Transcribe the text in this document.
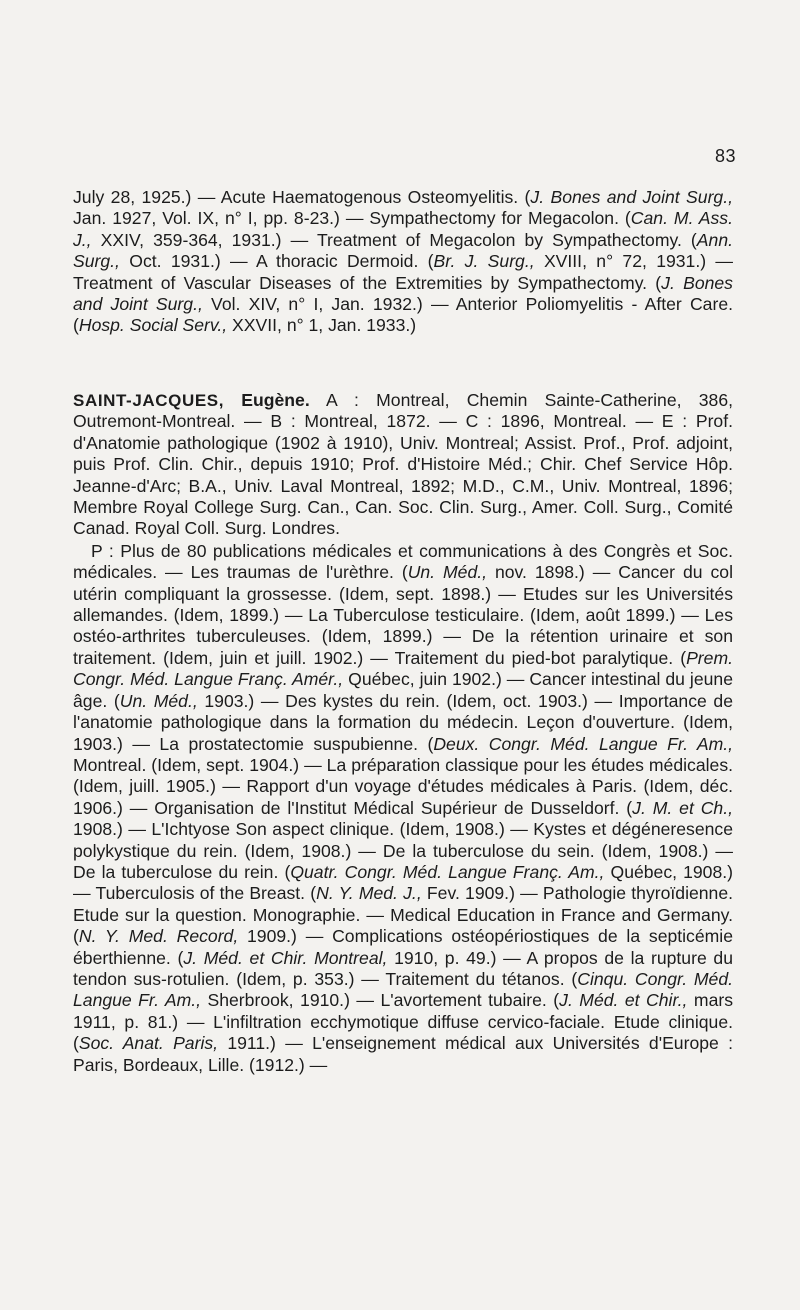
83

July 28, 1925.) — Acute Haematogenous Osteomyelitis. (J. Bones and Joint Surg., Jan. 1927, Vol. IX, n° I, pp. 8-23.) — Sympathectomy for Megacolon. (Can. M. Ass. J., XXIV, 359-364, 1931.) — Treatment of Megacolon by Sympathectomy. (Ann. Surg., Oct. 1931.) — A thoracic Dermoid. (Br. J. Surg., XVIII, n° 72, 1931.) — Treatment of Vascular Diseases of the Extremities by Sympathectomy. (J. Bones and Joint Surg., Vol. XIV, n° I, Jan. 1932.) — Anterior Poliomyelitis - After Care. (Hosp. Social Serv., XXVII, n° 1, Jan. 1933.)

SAINT-JACQUES, Eugène. A : Montreal, Chemin Sainte-Catherine, 386, Outremont-Montreal. — B : Montreal, 1872. — C : 1896, Montreal. — E : Prof. d'Anatomie pathologique (1902 à 1910), Univ. Montreal; Assist. Prof., Prof. adjoint, puis Prof. Clin. Chir., depuis 1910; Prof. d'Histoire Méd.; Chir. Chef Service Hôp. Jeanne-d'Arc; B.A., Univ. Laval Montreal, 1892; M.D., C.M., Univ. Montreal, 1896; Membre Royal College Surg. Can., Can. Soc. Clin. Surg., Amer. Coll. Surg., Comité Canad. Royal Coll. Surg. Londres.

P : Plus de 80 publications médicales et communications à des Congrès et Soc. médicales. — Les traumas de l'urèthre. (Un. Méd., nov. 1898.) — Cancer du col utérin compliquant la grossesse. (Idem, sept. 1898.) — Etudes sur les Universités allemandes. (Idem, 1899.) — La Tuberculose testiculaire. (Idem, août 1899.) — Les ostéo-arthrites tuberculeuses. (Idem, 1899.) — De la rétention urinaire et son traitement. (Idem, juin et juill. 1902.) — Traitement du pied-bot paralytique. (Prem. Congr. Méd. Langue Franç. Amér., Québec, juin 1902.) — Cancer intestinal du jeune âge. (Un. Méd., 1903.) — Des kystes du rein. (Idem, oct. 1903.) — Importance de l'anatomie pathologique dans la formation du médecin. Leçon d'ouverture. (Idem, 1903.) — La prostatectomie suspubienne. (Deux. Congr. Méd. Langue Fr. Am., Montreal. (Idem, sept. 1904.) — La préparation classique pour les études médicales. (Idem, juill. 1905.) — Rapport d'un voyage d'études médicales à Paris. (Idem, déc. 1906.) — Organisation de l'Institut Médical Supérieur de Dusseldorf. (J. M. et Ch., 1908.) — L'Ichtyose Son aspect clinique. (Idem, 1908.) — Kystes et dégéneresence polykystique du rein. (Idem, 1908.) — De la tuberculose du sein. (Idem, 1908.) — De la tuberculose du rein. (Quatr. Congr. Méd. Langue Franç. Am., Québec, 1908.) — Tuberculosis of the Breast. (N. Y. Med. J., Fev. 1909.) — Pathologie thyroïdienne. Etude sur la question. Monographie. — Medical Education in France and Germany. (N. Y. Med. Record, 1909.) — Complications ostéopériostiques de la septicémie éberthienne. (J. Méd. et Chir. Montreal, 1910, p. 49.) — A propos de la rupture du tendon sus-rotulien. (Idem, p. 353.) — Traitement du tétanos. (Cinqu. Congr. Méd. Langue Fr. Am., Sherbrook, 1910.) — L'avortement tubaire. (J. Méd. et Chir., mars 1911, p. 81.) — L'infiltration ecchymotique diffuse cervico-faciale. Etude clinique. (Soc. Anat. Paris, 1911.) — L'enseignement médical aux Universités d'Europe : Paris, Bordeaux, Lille. (1912.) —
